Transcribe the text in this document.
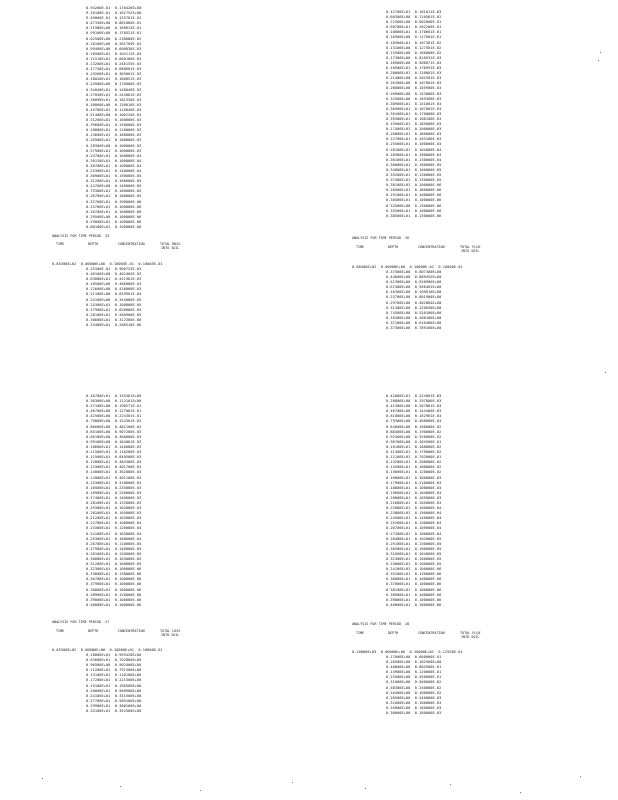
8.94200E-01  0.170426E+00
9.10100E-01  0.161752E+00
9.49060E-01  0.133701E-02
0.47330E+00  0.801060E-01
0.71900E+00  0.189613E-01
0.99100E+00  0.170521E-01
0.02500E+00  0.230080E-02
0.10100E+00  0.201709E-02
0.99400E+00  0.600030E-03
0.10500E+01  0.104112E-03
0.11510E+01  0.660100E-03
0.13200E+01  0.246155E-03
0.17740E+01  0.680601E-03
0.19260E+01  0.303001E-03
0.10020E+01  0.180051E-03
0.24900E+00  0.170000E-03
0.34040E+01  0.148046E-03
0.27050E+01  0.244001E-03
0.30090E+01  0.181530E-03
0.36060E+00  0.130010E-03
0.45700E+01  0.116040E-03
0.51400E+00  0.100120E-03
0.31200E+01  0.160000E-03
0.39600E+01  0.150000E-03
0.10800E+01  0.110000E-03
0.13600E+01  0.180000E-03
0.26500E+01  0.100000E-03
0.28300E+00  0.100000E-03
0.37900E+01  0.100000E-03
0.23700E+01  0.100000E-04
0.30130E+01  0.100000E-04
0.58700E+01  0.100000E-04
0.25300E+01  0.140000E-04
0.30900E+01  0.190000E-05
0.31200E+01  0.160000E-05
0.24700E+00  0.140000E-05
0.75300E+01  0.100000E-05
0.26700E+01  0.100000E-05
0.32700E+01  0.190000E-06
0.33700E+01  0.100000E-06
0.26700E+01  0.100000E-06
0.29500E+00  0.100000E-06
0.29000E+01  0.100000E-06
0.80100E+01  0.190000E-06
ANALYSIS FOR TIME PERIOD  25

TIME

	DEPTH

	CONCENTRATION

	TOTAL MASS
INTO SOIL

0.85300E+02  0.00000E+00  0.10005E-01  0.10005E-01
0.25100E-01  0.960723E-03
0.40100E+00  0.402404E-03
0.63000E+01  0.411901E-03
0.10500E+00  0.406000E-03
0.12600E+00  0.416000E-03
0.21100E+00  0.829901E-04
0.24100E+00  0.344000E-05
0.25300E+01  0.100800E-05
0.37900E+01  0.820000E-05
0.28100E+01  0.260900E-05
0.30600E+01  0.312300E-06
0.33400E+01  0.288510E-06
0.42700E+01  0.101811E-03
0.60300E+00  0.110501E-02
0.72500E+00  0.602000E-01
0.60700E+01  0.202200E-01
0.10000E+01  0.170601E-01
0.16500E+00  0.117001E-01
0.10300E+01  0.107301E-02
0.13100E+00  0.127501E-02
0.15300E+00  0.106000E-02
0.17300E+00  0.810531E-03
0.16900E+00  0.300071E-03
0.16500E+01  0.170591E-03
0.20000E+01  0.120001E-03
0.21400E+00  0.202501E-03
0.26100E+00  0.107001E-03
0.26800E+00  0.105900E-03
0.26900E+00  0.153000E-03
0.32500E+00  0.109300E-03
0.38900E+01  0.141001E-03
0.36500E+01  0.107001E-03
0.36100E+01  0.170000E-03
0.39300E+01  0.100100E-03
0.19500E+01  0.185000E-03
0.17400E+01  0.100000E-03
0.20800E+01  0.180000E-03
0.22700E+01  0.103100E-03
0.25500E+01  0.100000E-03
0.28100E+01  0.104000E-04
0.28300E+01  0.180000E-04
0.30100E+01  0.130000E-04
0.30800E+01  0.180000E-05
0.34800E+01  0.100000E-05
0.35200E+01  0.130000E-05
0.37400E+01  0.130000E-05
0.38100E+01  0.100000E-06
0.28500E+01  0.180000E-06
0.29100E+01  0.100000E-06
0.30500E+01  0.100000E-06
0.32500E+00  0.130000E-06
0.35500E+01  0.100000E-06
0.38500E+01  0.130000E-06
ANALYSIS FOR TIME PERIOD  26

TIME

	DEPTH

	CONCENTRATION

	TOTAL FLUX
INTO SOIL

0.88400E+02  0.00000E+00  0.10000E-01  0.10000E-01
0.37500E+00  0.807300E+00
0.44600E+00  0.889452E+00
0.51300E+00  0.920900E+00
0.67400E+00  0.946401E+00
0.16300E+00  0.109010E+00
0.23700E+00  0.801900E+00
0.29700E+00  0.402804E+00
0.31300E+00  0.120030E+00
0.74500E+00  0.520100E+00
0.35300E+00  0.400100E+00
0.37100E+00  0.610400E+00
0.37300E+00  0.789100E+00
0.46700E+01  0.155301E+00
0.36300E+00  0.113101E+00
0.57100E+00  0.198271E-01
0.46700E+00  0.127001E-01
0.42500E+00  0.224301E-01
0.79800E+00  0.124301E-02
0.86600E+00  0.482100E-02
0.85100E+00  0.907200E-03
0.66100E+00  0.466000E-03
0.99100E+00  0.184001E-03
0.10600E+01  0.140000E-03
0.11500E+01  0.110200E-03
0.11900E+01  0.840500E-03
0.12800E+01  0.484300E-03
0.13300E+01  0.461700E-03
0.14000E+01  0.362000E-03
0.14900E+01  0.301100E-03
0.15300E+01  0.310000E-03
0.16500E+01  0.235000E-03
0.16900E+01  0.220000E-03
0.17400E+01  0.140000E-03
0.18100E+01  0.132000E-03
0.19300E+01  0.104000E-03
0.20100E+01  0.105000E-03
0.21200E+01  0.103000E-03
0.22700E+01  0.100000E-04
0.23300E+01  0.120000E-04
0.24100E+01  0.183000E-04
0.25300E+01  0.100000E-04
0.26700E+01  0.110000E-05
0.27900E+01  0.140000E-05
0.28100E+01  0.120000E-05
0.30000E+01  0.103000E-05
0.31200E+01  0.100000E-05
0.32300E+01  0.100000E-06
0.33800E+01  0.130000E-06
0.36700E+01  0.100000E-06
0.37900E+01  0.100000E-06
0.38000E+01  0.100000E-06
0.38900E+01  0.120000E-06
0.39000E+01  0.100000E-06
0.40000E+01  0.100000E-06
ANALYSIS FOR TIME PERIOD  27

TIME

	DEPTH

	CONCENTRATION

	TOTAL LOSS
INTO SOIL

0.85300E+02  0.00000E+00  0.10000E+01  0.10000E-01
0.10000E+01  0.959420E+00
0.63600E+01  0.702800E+00
0.96500E+00  0.902400E+00
0.11200E+01  0.791500E+00
0.13100E+01  0.110100E+00
0.17200E+01  0.221500E+00
0.19100E+01  0.196500E+00
0.20000E+01  0.560900E+00
0.24100E+01  0.331500E+00
0.27700E+01  0.589100E+00
0.29900E+01  0.300100E+00
0.33100E+01  0.352500E+00
0.42000E+01  0.224001E-03
0.28800E+00  0.297800E-03
0.41300E+00  0.207801E-03
0.46700E+00  0.144400E-03
0.61000E+00  0.162901E-03
0.79300E+00  0.468000E-03
0.84600E+00  0.106000E-02
0.88300E+00  0.190000E-02
0.92300E+00  0.326000E-02
0.96700E+00  0.104500E-01
0.10100E+01  0.188000E-02
0.11300E+01  0.179000E-02
0.12100E+01  0.702000E-01
0.13200E+01  0.200600E-02
0.14500E+01  0.180000E-02
0.15600E+01  0.120000E-02
0.16800E+01  0.300000E-03
0.17900E+01  0.210000E-03
0.18800E+01  0.108000E-03
0.19600E+01  0.104000E-03
0.20800E+01  0.105000E-03
0.21600E+01  0.105000E-03
0.22800E+01  0.100000E-04
0.23800E+01  0.190000E-04
0.24500E+01  0.140000E-04
0.25200E+01  0.130000E-04
0.26700E+01  0.109000E-04
0.27300E+01  0.100000E-04
0.28400E+01  0.102000E-05
0.29100E+01  0.130000E-05
0.30300E+01  0.100000E-05
0.31600E+01  0.104000E-05
0.32300E+01  0.100000E-05
0.33000E+01  0.100000E-05
0.34100E+01  0.100000E-06
0.35200E+01  0.130000E-06
0.36000E+01  0.100000E-06
0.37000E+01  0.100000E-06
0.38100E+01  0.100000E-06
0.38900E+01  0.100000E-06
0.39800E+01  0.100000E-06
0.40000E+01  0.100000E-06
ANALYSIS FOR TIME PERIOD  28

TIME

	DEPTH

	CONCENTRATION

	TOTAL FLUX
INTO SOIL

0.10000E+03  0.00000E+00  0.10000E+01  0.12550E-01
0.17000E+00  0.660000E-01
0.28500E+00  0.102500E+00
0.40800E+00  0.804500E-01
0.15900E+00  0.120000E-01
0.23500E+00  0.450000E-01
0.31000E+00  0.500000E-02
0.58300E+00  0.240000E-02
0.16400E+00  0.100000E-02
0.28500E+00  0.240000E-03
0.31000E+00  0.100000E-03
0.35000E+00  0.160000E-03
0.30000E+00  0.180000E-03
